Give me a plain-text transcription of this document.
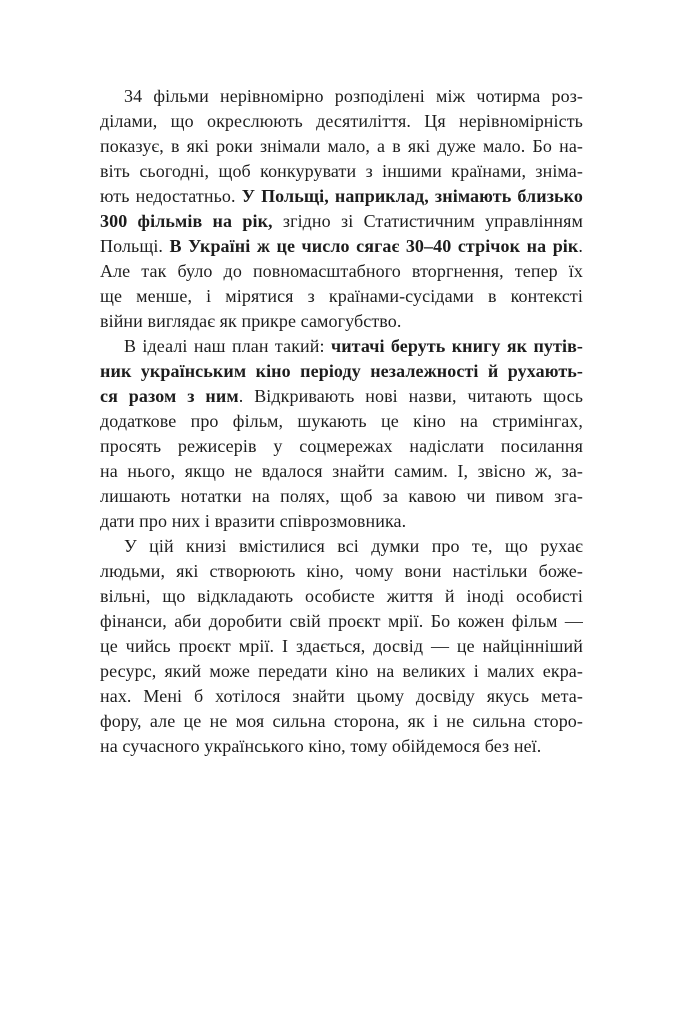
34 фільми нерівномірно розподілені між чотирма роз-
ділами, що окреслюють десятиліття. Ця нерівномірність
показує, в які роки знімали мало, а в які дуже мало. Бо на-
віть сьогодні, щоб конкурувати з іншими країнами, зніма-
ють недостатньо. У Польщі, наприклад, знімають близько
300 фільмів на рік, згідно зі Статистичним управлінням
Польщі. В Україні ж це число сягає 30–40 стрічок на рік.
Але так було до повномасштабного вторгнення, тепер їх
ще менше, і мірятися з країнами-сусідами в контексті
війни виглядає як прикре самогубство.
В ідеалі наш план такий: читачі беруть книгу як путів-
ник українським кіно періоду незалежності й рухають-
ся разом з ним. Відкривають нові назви, читають щось
додаткове про фільм, шукають це кіно на стримінгах,
просять режисерів у соцмережах надіслати посилання
на нього, якщо не вдалося знайти самим. І, звісно ж, за-
лишають нотатки на полях, щоб за кавою чи пивом зга-
дати про них і вразити співрозмовника.
У цій книзі вмістилися всі думки про те, що рухає
людьми, які створюють кіно, чому вони настільки боже-
вільні, що відкладають особисте життя й іноді особисті
фінанси, аби доробити свій проєкт мрії. Бо кожен фільм —
це чийсь проєкт мрії. І здається, досвід — це найцінніший
ресурс, який може передати кіно на великих і малих екра-
нах. Мені б хотілося знайти цьому досвіду якусь мета-
фору, але це не моя сильна сторона, як і не сильна сторо-
на сучасного українського кіно, тому обійдемося без неї.
